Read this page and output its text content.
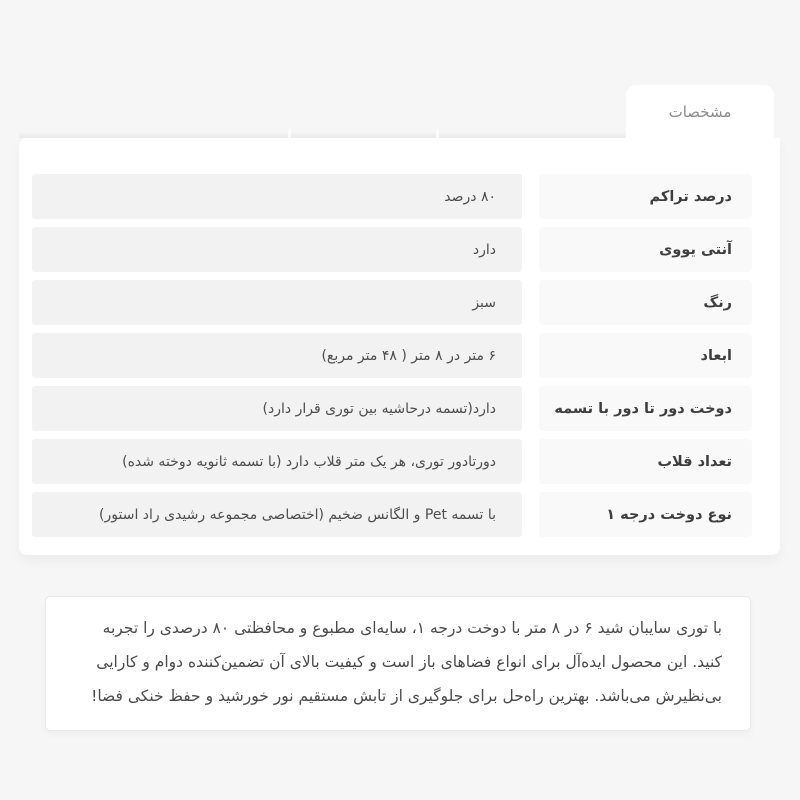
مشخصات
درصد تراکم
۸۰ درصد
آنتی یووی
دارد
رنگ
سبز
ابعاد
۶ متر در ۸ متر ( ۴۸ متر مربع)
دوخت دور تا دور با تسمه
دارد(تسمه درحاشیه بین توری قرار دارد)
تعداد قلاب
دورتادور توری، هر یک متر قلاب دارد (با تسمه ثانویه دوخته شده)
نوع دوخت درجه ۱
با تسمه Pet و الگانس ضخیم (اختصاصی مجموعه رشیدی راد استور)

با توری سایبان شید ۶ در ۸ متر با دوخت درجه ۱، سایه‌ای مطبوع و محافظتی ۸۰ درصدی را تجربه کنید. این محصول ایده‌آل برای انواع فضاهای باز است و کیفیت بالای آن تضمین‌کننده دوام و کارایی بی‌نظیرش می‌باشد. بهترین راه‌حل برای جلوگیری از تابش مستقیم نور خورشید و حفظ خنکی فضا!
